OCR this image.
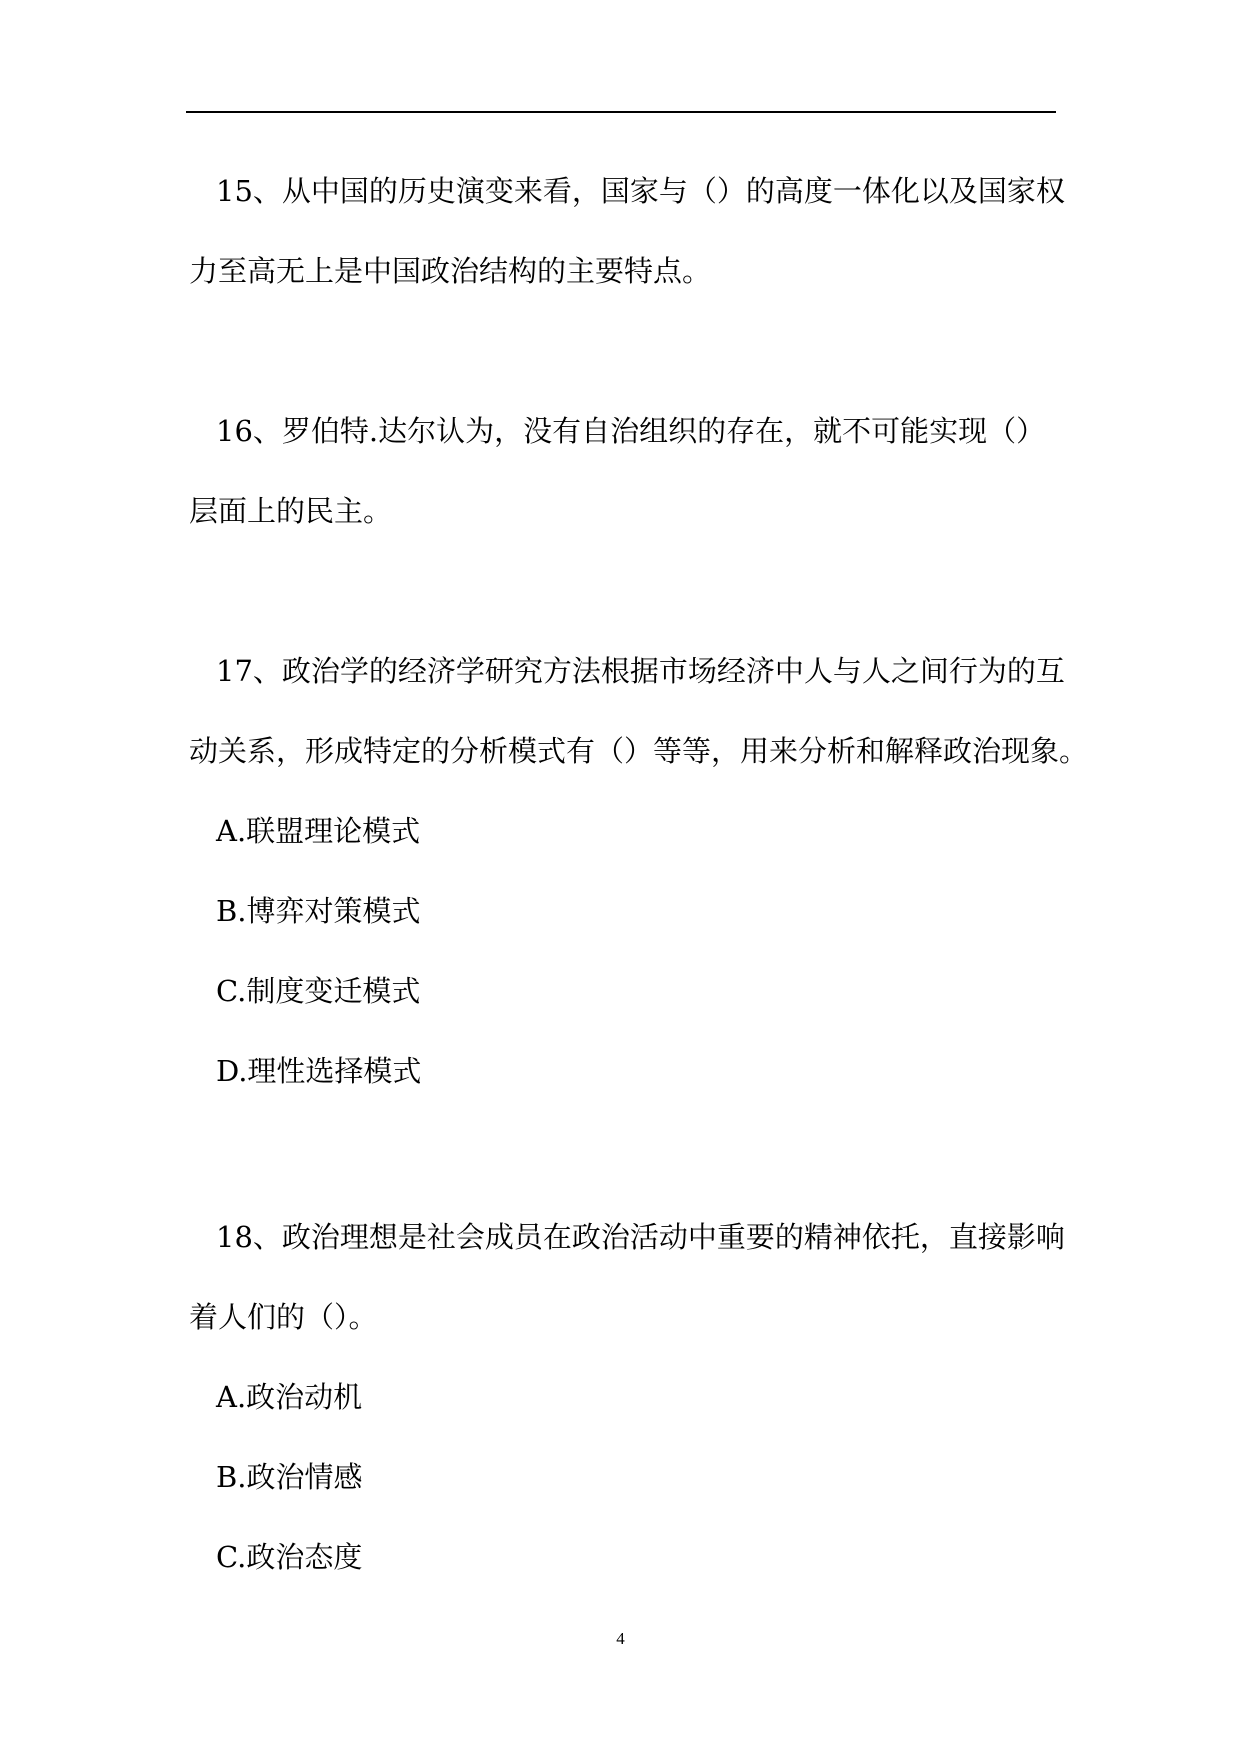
15、从中国的历史演变来看，国家与（）的高度一体化以及国家权
力至高无上是中国政治结构的主要特点。
16、罗伯特.达尔认为，没有自治组织的存在，就不可能实现（）
层面上的民主。
17、政治学的经济学研究方法根据市场经济中人与人之间行为的互
动关系，形成特定的分析模式有（）等等，用来分析和解释政治现象。
A.联盟理论模式
B.博弈对策模式
C.制度变迁模式
D.理性选择模式
18、政治理想是社会成员在政治活动中重要的精神依托，直接影响
着人们的（）。
A.政治动机
B.政治情感
C.政治态度
4
